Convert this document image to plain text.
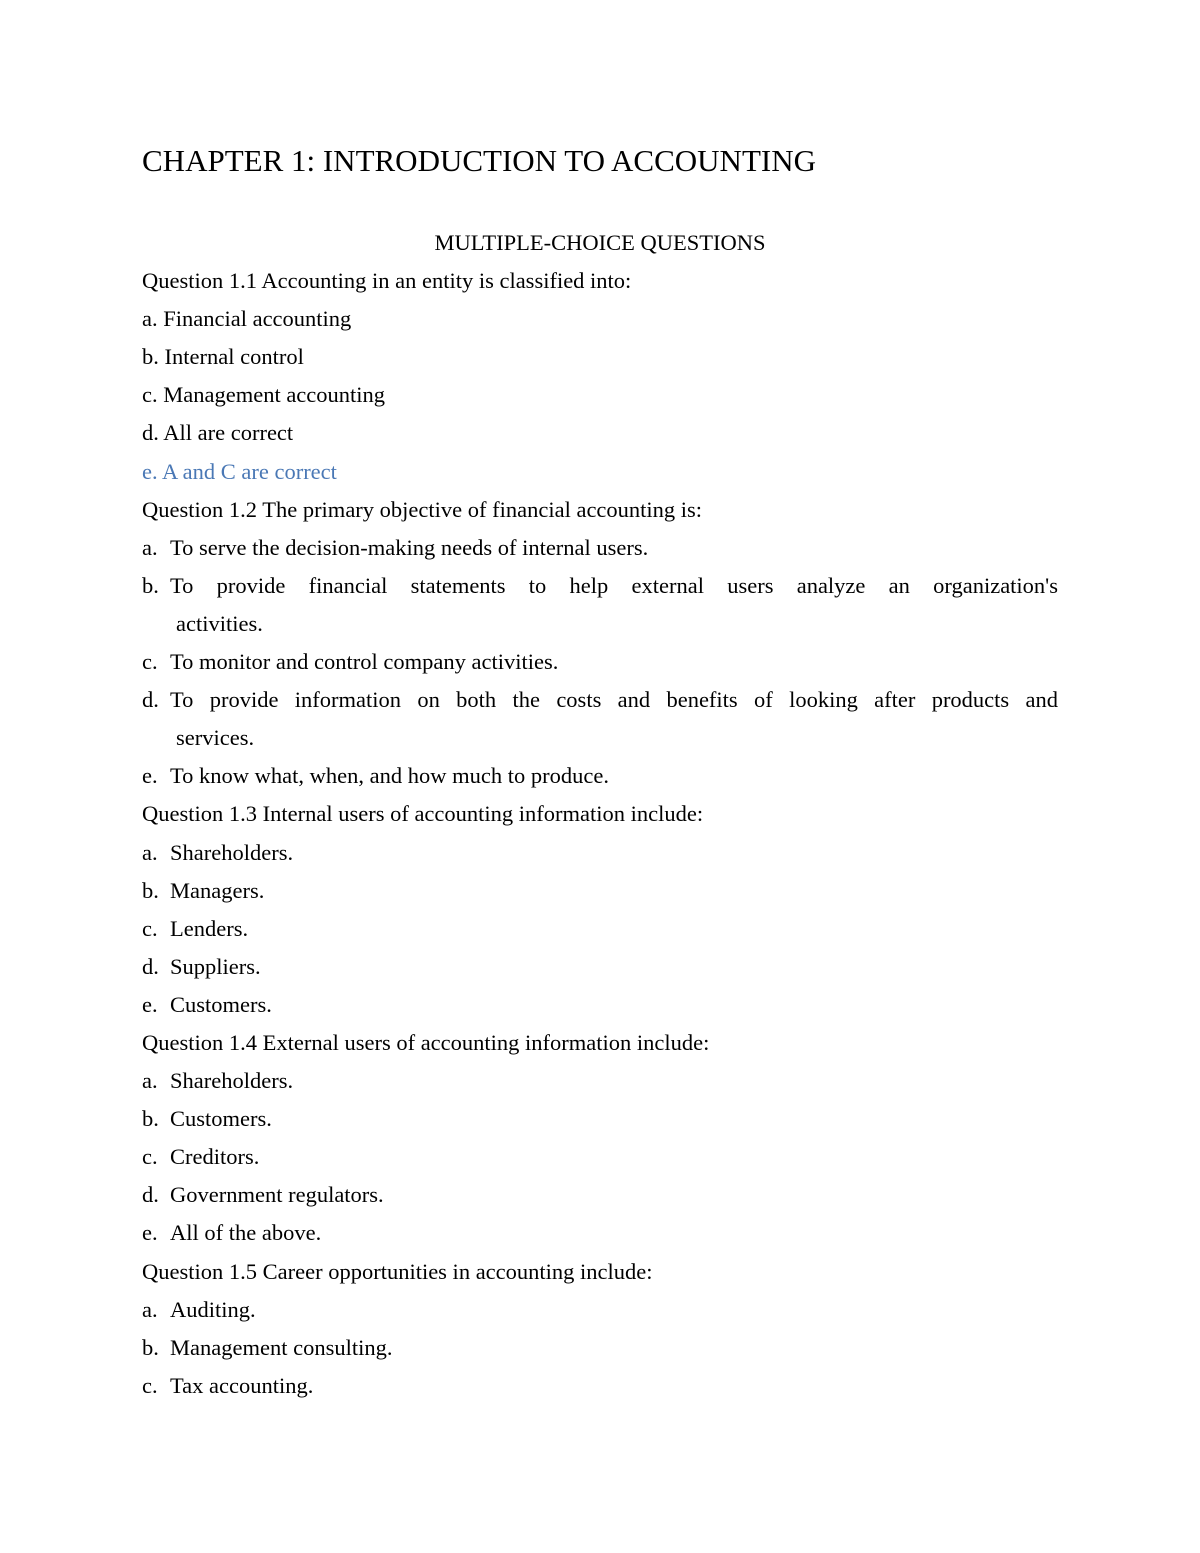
CHAPTER 1: INTRODUCTION TO ACCOUNTING
MULTIPLE-CHOICE QUESTIONS
Question 1.1 Accounting in an entity is classified into:
a. Financial accounting
b. Internal control
c. Management accounting
d. All are correct
e. A and C are correct
Question 1.2 The primary objective of financial accounting is:
a. To serve the decision-making needs of internal users.
b. To provide financial statements to help external users analyze an organization's
activities.
c. To monitor and control company activities.
d. To provide information on both the costs and benefits of looking after products and
services.
e. To know what, when, and how much to produce.
Question 1.3 Internal users of accounting information include:
a. Shareholders.
b. Managers.
c. Lenders.
d. Suppliers.
e. Customers.
Question 1.4 External users of accounting information include:
a. Shareholders.
b. Customers.
c. Creditors.
d. Government regulators.
e. All of the above.
Question 1.5 Career opportunities in accounting include:
a. Auditing.
b. Management consulting.
c. Tax accounting.
